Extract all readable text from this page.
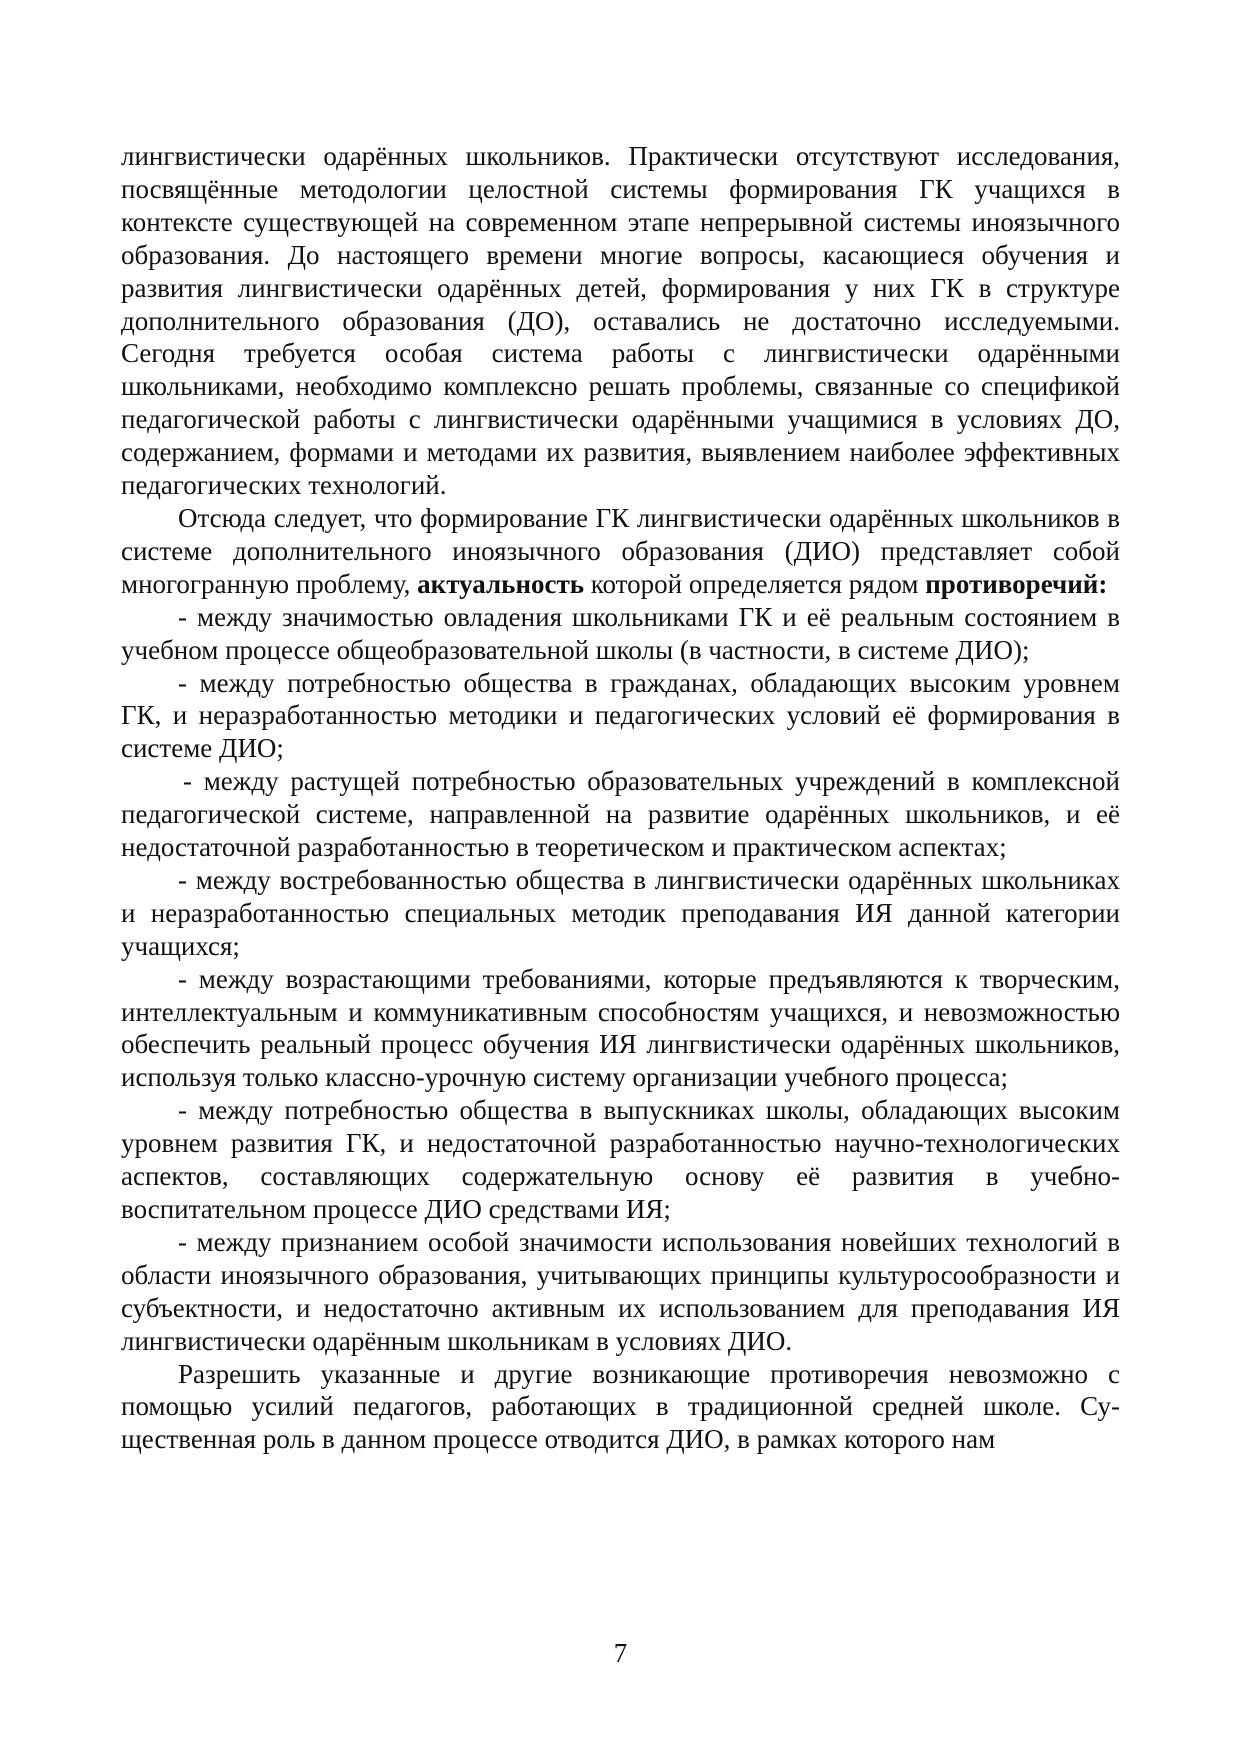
лингвистически одарённых школьников. Практически отсутствуют исследования, посвящённые методологии целостной системы формирования ГК учащихся в контексте существующей на современном этапе непрерывной системы иноязычного образования. До настоящего времени многие вопросы, касающиеся обучения и развития лингвистически одарённых детей, формирования у них ГК в структуре дополнительного образования (ДО), оставались не достаточно исследуемыми. Сегодня требуется особая система работы с лингвистически одарёнными школьниками, необходимо комплексно решать проблемы, связанные со спецификой педагогической работы с лингвистически одарёнными учащимися в условиях ДО, содержанием, формами и методами их развития, выявлением наиболее эффективных педагогических технологий.

Отсюда следует, что формирование ГК лингвистически одарённых школьников в системе дополнительного иноязычного образования (ДИО) представляет собой многогранную проблему, актуальность которой определяется рядом противоречий:

- между значимостью овладения школьниками ГК и её реальным состоянием в учебном процессе общеобразовательной школы (в частности, в системе ДИО);

- между потребностью общества в гражданах, обладающих высоким уровнем ГК, и неразработанностью методики и педагогических условий её формирования в системе ДИО;

- между растущей потребностью образовательных учреждений в комплексной педагогической системе, направленной на развитие одарённых школьников, и её недостаточной разработанностью в теоретическом и практическом аспектах;

- между востребованностью общества в лингвистически одарённых школьниках и неразработанностью специальных методик преподавания ИЯ данной категории учащихся;

- между возрастающими требованиями, которые предъявляются к творческим, интеллектуальным и коммуникативным способностям учащихся, и невозможностью обеспечить реальный процесс обучения ИЯ лингвистически одарённых школьников, используя только классно-урочную систему организации учебного процесса;

- между потребностью общества в выпускниках школы, обладающих высоким уровнем развития ГК, и недостаточной разработанностью научно-технологических аспектов, составляющих содержательную основу её развития в учебно-воспитательном процессе ДИО средствами ИЯ;

- между признанием особой значимости использования новейших технологий в области иноязычного образования, учитывающих принципы культуросообразности и субъектности, и недостаточно активным их использованием для преподавания ИЯ лингвистически одарённым школьникам в условиях ДИО.

Разрешить указанные и другие возникающие противоречия невозможно с помощью усилий педагогов, работающих в традиционной средней школе. Существенная роль в данном процессе отводится ДИО, в рамках которого нам

7
